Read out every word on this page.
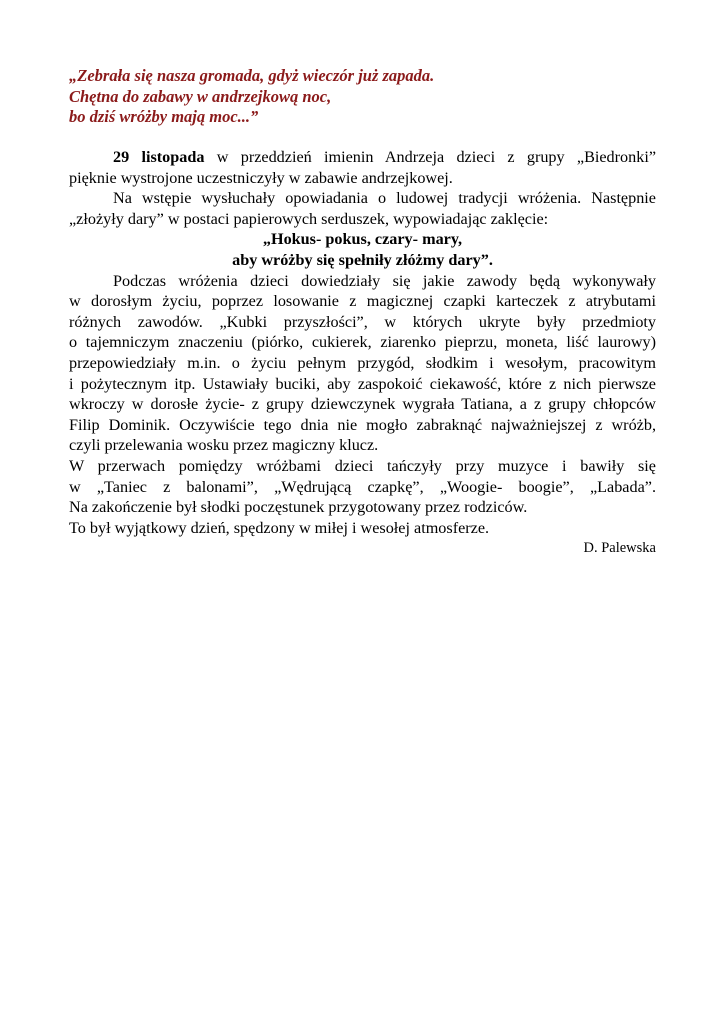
„Zebrała się nasza gromada, gdyż wieczór już zapada.
Chętna do zabawy w andrzejkową noc,
bo dziś wróżby mają moc...”
29 listopada w przeddzień imienin Andrzeja dzieci z grupy „Biedronki”
pięknie wystrojone uczestniczyły w zabawie andrzejkowej.
Na wstępie wysłuchały opowiadania o ludowej tradycji wróżenia. Następnie
„złożyły dary” w postaci papierowych serduszek, wypowiadając zaklęcie:
„Hokus- pokus, czary- mary,
aby wróżby się spełniły złóżmy dary”.
Podczas wróżenia dzieci dowiedziały się jakie zawody będą wykonywały
w dorosłym życiu, poprzez losowanie z magicznej czapki karteczek z atrybutami
różnych zawodów. „Kubki przyszłości”, w których ukryte były przedmioty
o tajemniczym znaczeniu (piórko, cukierek, ziarenko pieprzu, moneta, liść laurowy)
przepowiedziały m.in. o życiu pełnym przygód, słodkim i wesołym, pracowitym
i pożytecznym itp. Ustawiały buciki, aby zaspokoić ciekawość, które z nich pierwsze
wkroczy w dorosłe życie- z grupy dziewczynek wygrała Tatiana, a z grupy chłopców
Filip Dominik. Oczywiście tego dnia nie mogło zabraknąć najważniejszej z wróżb,
czyli przelewania wosku przez magiczny klucz.
W przerwach pomiędzy wróżbami dzieci tańczyły przy muzyce i bawiły się
w „Taniec z balonami”, „Wędrującą czapkę”, „Woogie- boogie”, „Labada”.
Na zakończenie był słodki poczęstunek przygotowany przez rodziców.
To był wyjątkowy dzień, spędzony w miłej i wesołej atmosferze.
D. Palewska
